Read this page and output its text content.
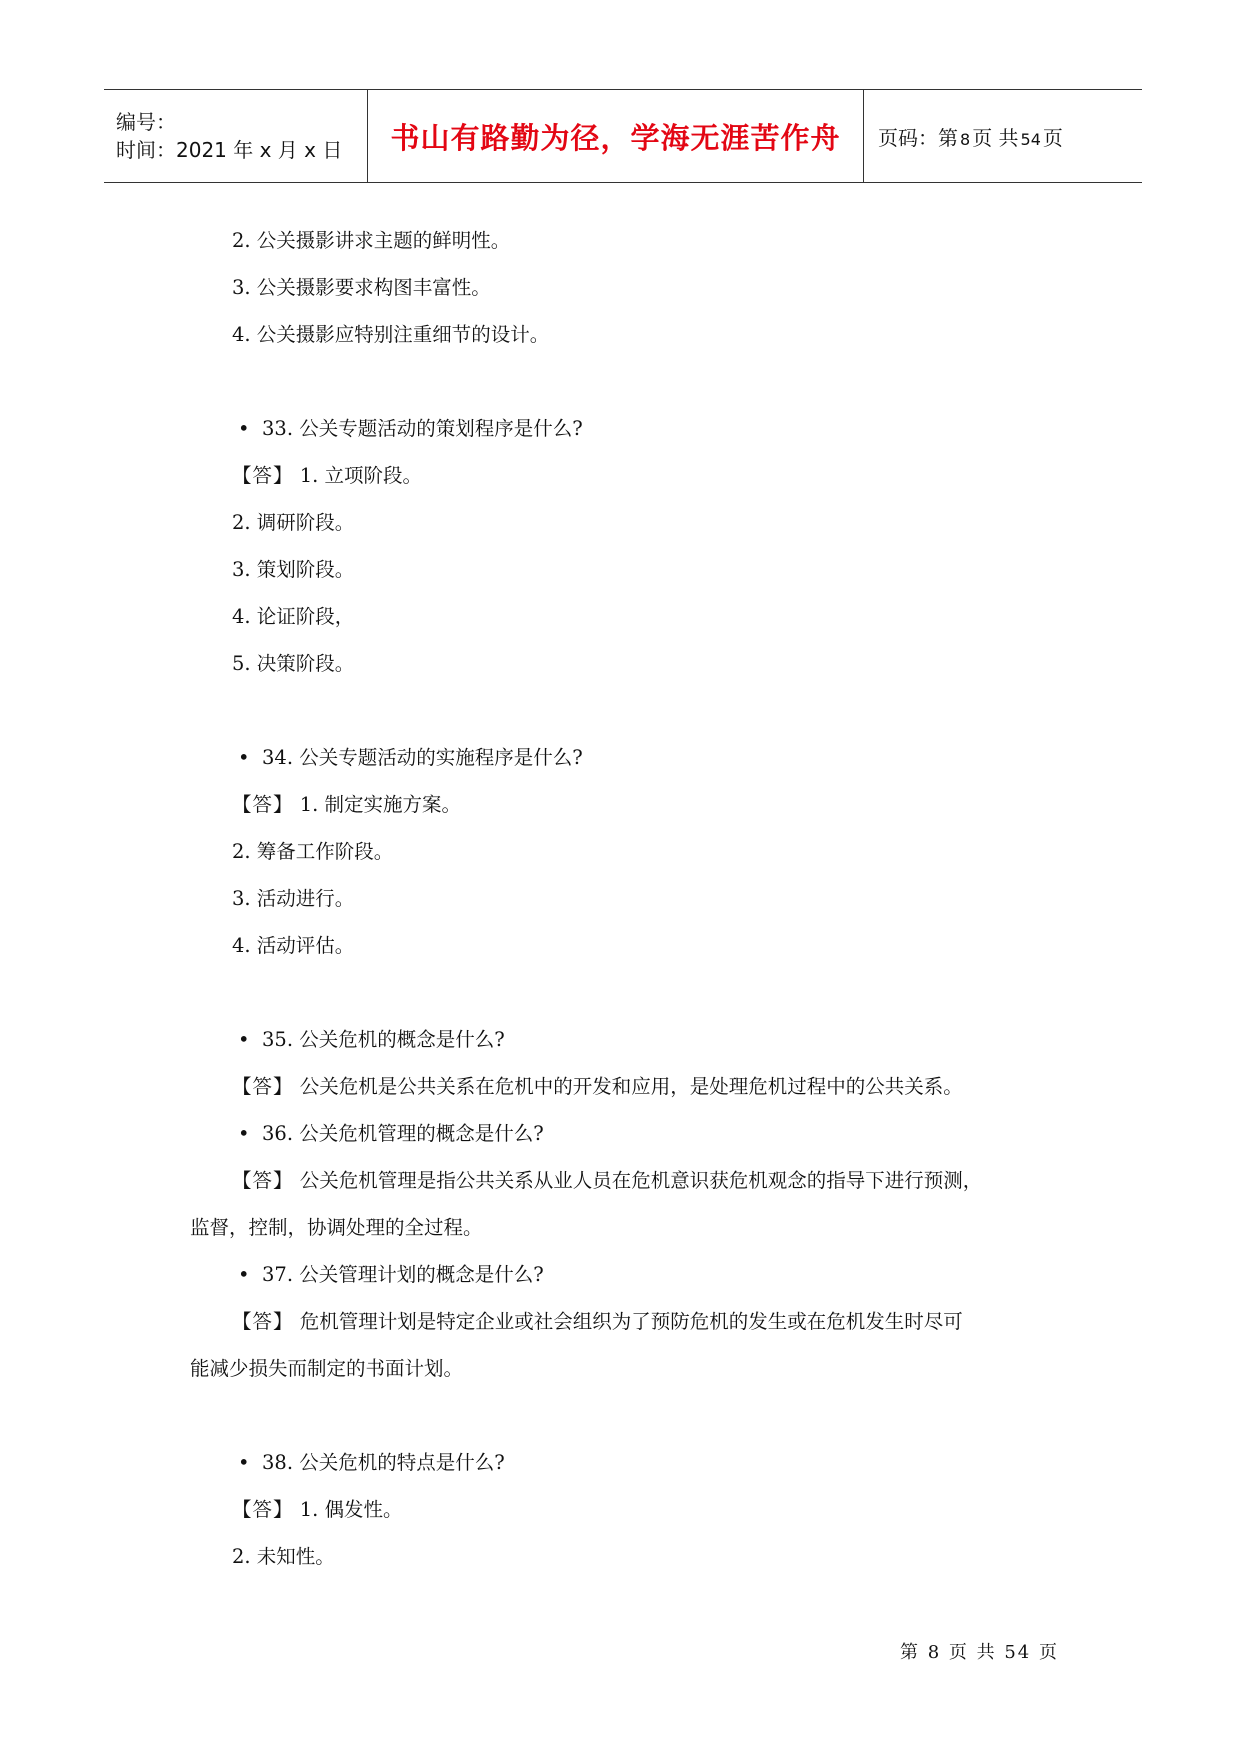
编号：
时间：2021 年 x 月 x 日	书山有路勤为径，学海无涯苦作舟 页码：第 8 页 共 54 页
2. 公关摄影讲求主题的鲜明性。
3. 公关摄影要求构图丰富性。
4. 公关摄影应特别注重细节的设计。
• 33. 公关专题活动的策划程序是什么?
【答】 1. 立项阶段。
2. 调研阶段。
3. 策划阶段。
4. 论证阶段，
5. 决策阶段。
• 34. 公关专题活动的实施程序是什么?
【答】 1. 制定实施方案。
2. 筹备工作阶段。
3. 活动进行。
4. 活动评估。
• 35. 公关危机的概念是什么?
【答】 公关危机是公共关系在危机中的开发和应用，是处理危机过程中的公共关系。
• 36. 公关危机管理的概念是什么?
【答】 公关危机管理是指公共关系从业人员在危机意识获危机观念的指导下进行预测，
监督，控制，协调处理的全过程。
• 37. 公关管理计划的概念是什么?
【答】 危机管理计划是特定企业或社会组织为了预防危机的发生或在危机发生时尽可
能减少损失而制定的书面计划。
• 38. 公关危机的特点是什么?
【答】 1. 偶发性。
2. 未知性。
第 8 页 共 54 页
